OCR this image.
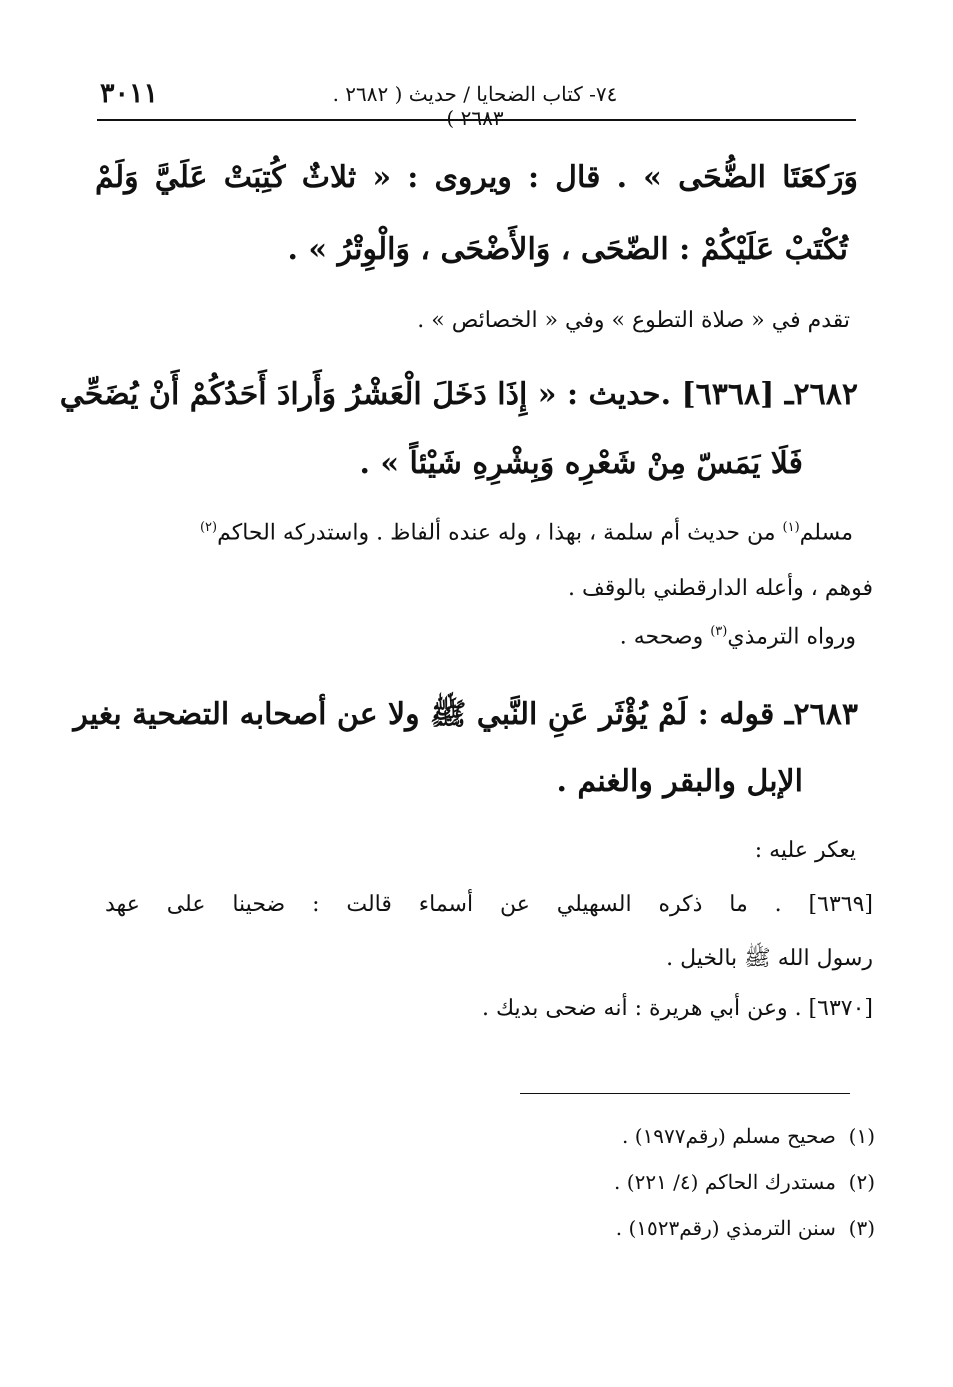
٣٠١١	٧٤- كتاب الضحايا / حديث ( ٢٦٨٢ . ٢٦٨٣ )
وَرَكعَتَا الضُّحَى » . قال : ويروى : « ثلاثٌ كُتِبَتْ عَلَيَّ وَلَمْ
تُكْتَبْ عَلَيْكُمْ : الضّحَى ، وَالأَضْحَى ، وَالْوِتْرُ » .
تقدم في « صلاة التطوع » وفي « الخصائص » .
٢٦٨٢ـ [٦٣٦٨] .حديث : « إِذَا دَخَلَ الْعَشْرُ وَأَرادَ أَحَدُكُمْ أَنْ يُضَحِّي
فَلَا يَمَسّ مِنْ شَعْرِه وَبِشْرِهِ شَيْئاً » .
مسلم$^{(١)}$ من حديث أم سلمة ، بهذا ، وله عنده ألفاظ . واستدركه الحاكم$^{(٢)}$
فوهم ، وأعله الدارقطني بالوقف .
ورواه الترمذي$^{(٣)}$ وصححه .
٢٦٨٣ـ قوله : لَمْ يُؤْثَر عَنِ النَّبي ﷺ ولا عن أصحابه التضحية بغير
الإبل والبقر والغنم .
يعكر عليه :
[٦٣٦٩] . ما ذكره السهيلي عن أسماء قالت : ضحينا على عهد
رسول الله ﷺ بالخيل .
[٦٣٧٠] . وعن أبي هريرة : أنه ضحى بديك .
(١)  صحيح مسلم (رقم١٩٧٧) .
(٢)  مستدرك الحاكم (٤/ ٢٢١) .
(٣)  سنن الترمذي (رقم١٥٢٣) .
